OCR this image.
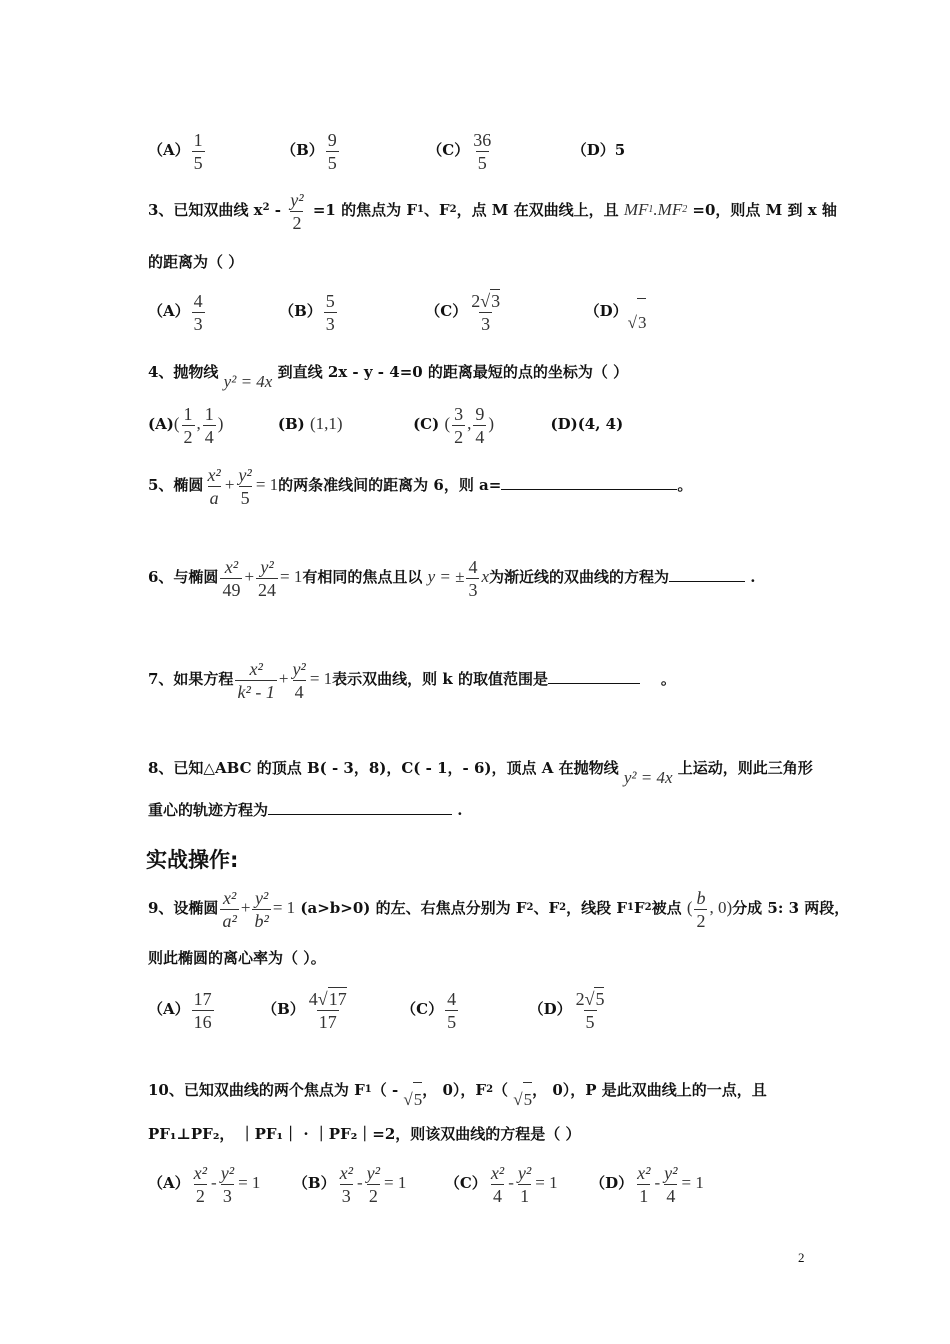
$(A) \frac{1}{5}$	$(B) \frac{9}{5}$	$(C) \frac{36}{5}$	（D）5
3、已知双曲线 $x^2 - \frac{\text{y²}}{2} =1$ 的焦点为 F1、F2，点 M 在双曲线上，且 MF1.MF2 =0，则点 M 到 x 轴
的距离为（ ）
$(A) \frac{4}{3}$	$(B) \frac{5}{3}$	$(C) \frac{2√3}{3}$	（D）√3
4、抛物线 y² = 4x 到直线 2x - y - 4=0 的距离最短的点的坐标为（ ）
$(A)( \frac{1}{2}$ , $\frac{1}{4}$ )	(B) (1,1)	(C) ( $\frac{3}{2}$ , $\frac{9}{4}$ )	(D)(4, 4)
5、椭圆 $\frac{\text{x²}}{a} + \frac{\text{y²}}{5} = 1$的两条准线间的距离为 6，则 a=	。
6、与椭圆 $\frac{\text{x²}}{49} + \frac{\text{y²}}{24} = 1$有相同的焦点且以 y = ± $\frac{4}{3}$ x为渐近线的双曲线的方程为	.
7、如果方程 $\frac{\text{x²}}{\text{k² - 1}} + \frac{\text{y²}}{4} = 1$表示双曲线，则 k 的取值范围是	。
8、已知△ABC 的顶点 B( - 3，8)，C( - 1，- 6)，顶点 A 在抛物线 y² = 4x 上运动，则此三角形
重心的轨迹方程为	.
实战操作:
9、设椭圆 $\frac{\text{x²}}{\text{a²}} + \frac{\text{y²}}{\text{b²}} = 1$ (a>b>0) 的左、右焦点分别为 F2、F2，线段 F1F2被点 ( $\frac{b}{2}$ , 0)分成 5: 3 两段，
则此椭圆的离心率为（ ）。
$(A) \frac{17}{16}$	$(B) \frac{4√17}{17}$	$(C) \frac{4}{5}$	$(D) \frac{2√5}{5}$
10、已知双曲线的两个焦点为 F1（ - √5， 0），F2（ √5， 0），P 是此双曲线上的一点，且
PF₁⊥PF₂， ｜PF₁｜ · ｜PF₂｜=2，则该双曲线的方程是（ ）
$(A) \frac{\text{x²}}{2} - \frac{\text{y²}}{3} = 1$ $(B) \frac{\text{x²}}{3} - \frac{\text{y²}}{2} = 1$	$(C) \frac{\text{x²}}{4} - \frac{\text{y²}}{1} = 1$ $(D) \frac{\text{x²}}{1} - \frac{\text{y²}}{4} = 1$
2
